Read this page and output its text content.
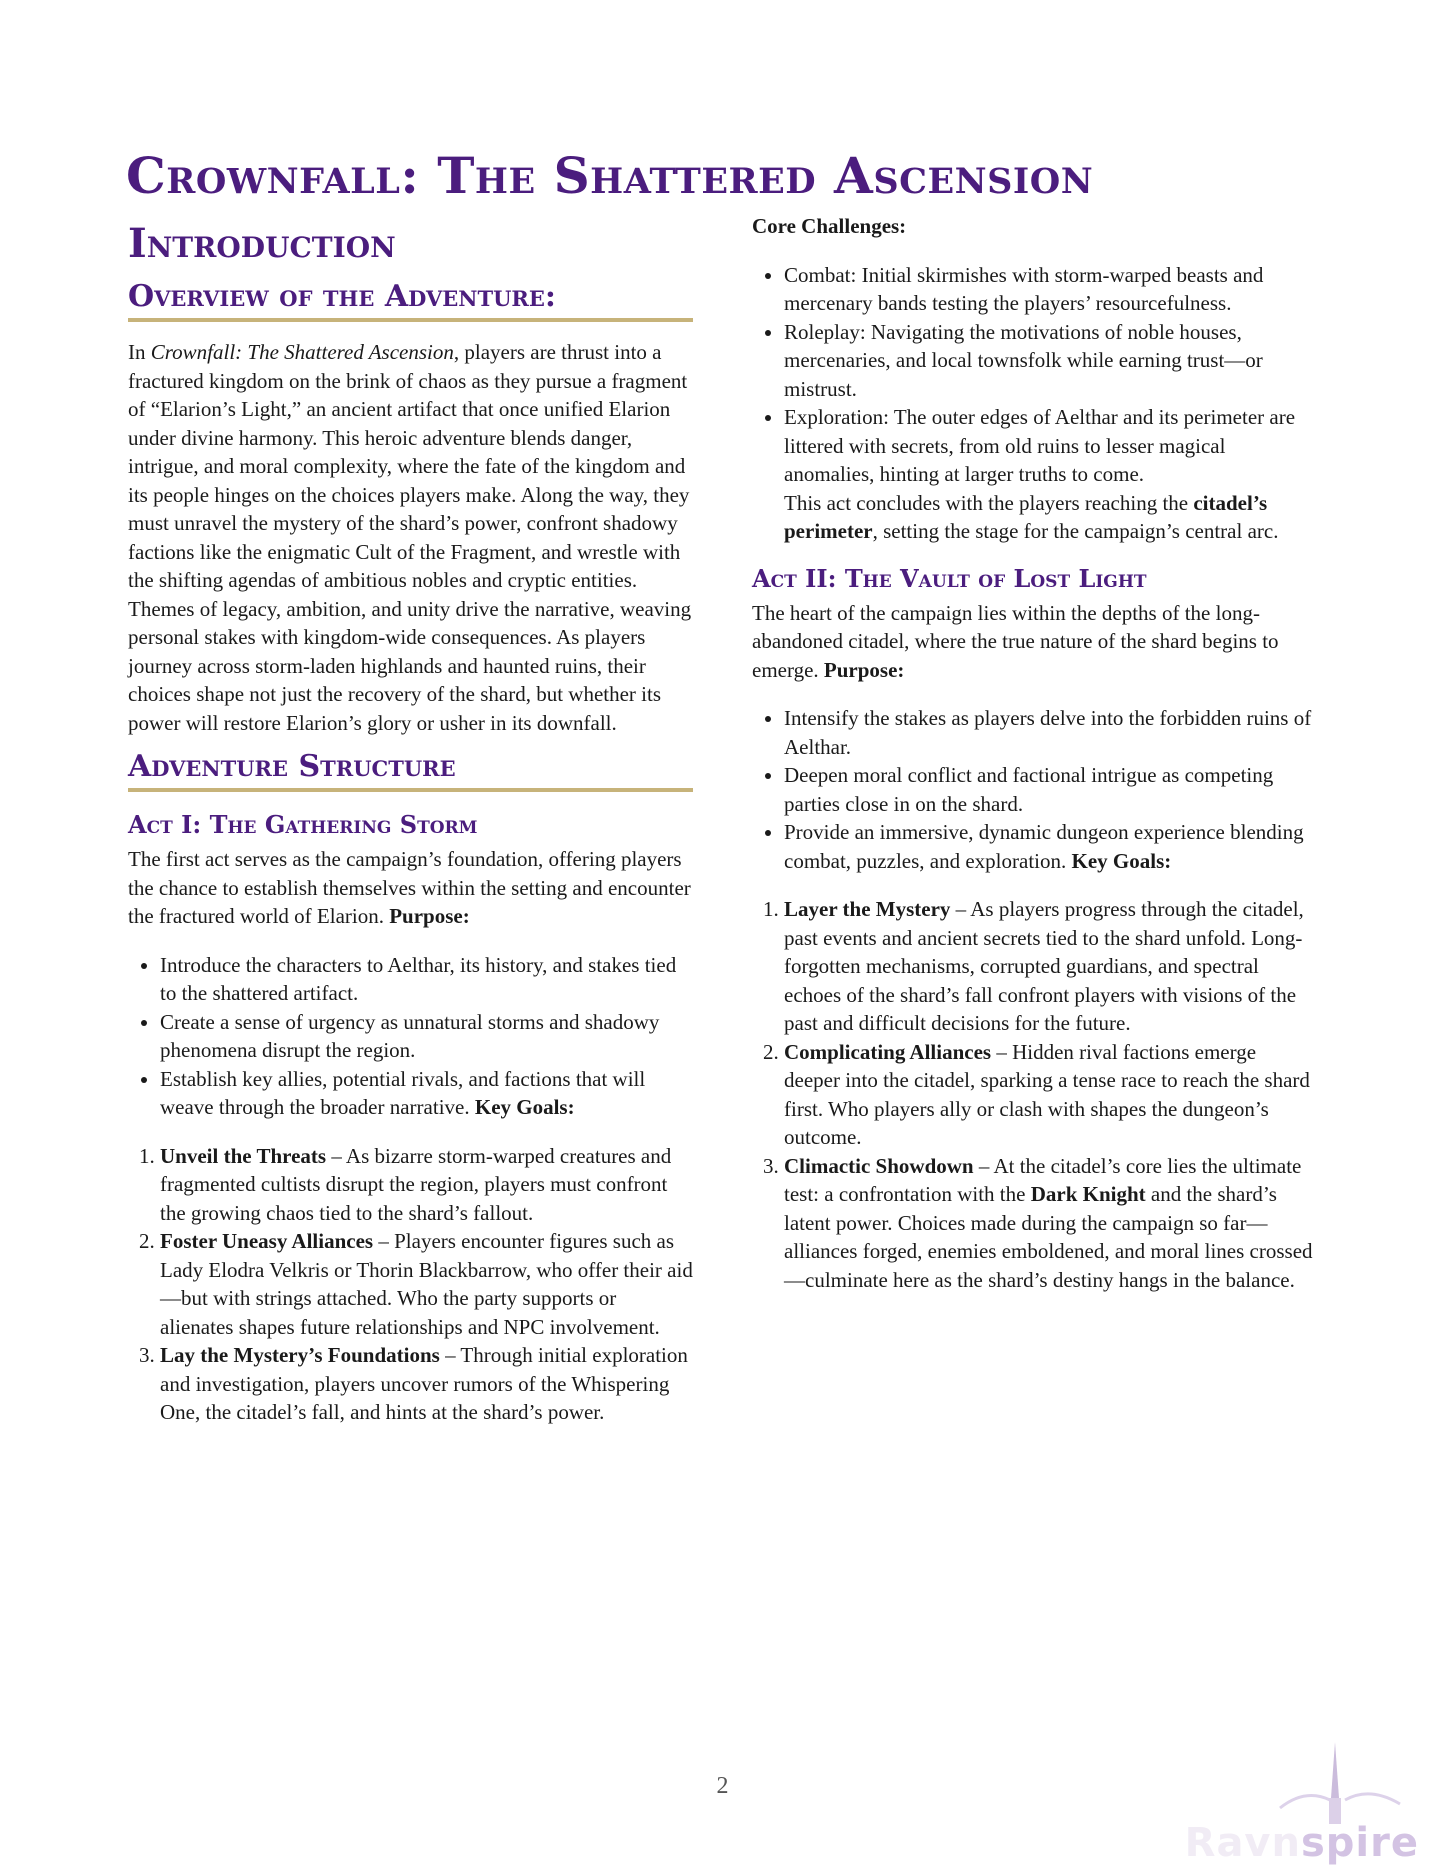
Crownfall: The Shattered Ascension
Introduction
Overview of the Adventure:

In Crownfall: The Shattered Ascension, players are thrust into a fractured kingdom on the brink of chaos as they pursue a fragment of “Elarion’s Light,” an ancient artifact that once unified Elarion under divine harmony. This heroic adventure blends danger, intrigue, and moral complexity, where the fate of the kingdom and its people hinges on the choices players make. Along the way, they must unravel the mystery of the shard’s power, confront shadowy factions like the enigmatic Cult of the Fragment, and wrestle with the shifting agendas of ambitious nobles and cryptic entities. Themes of legacy, ambition, and unity drive the narrative, weaving personal stakes with kingdom-wide consequences. As players journey across storm-laden highlands and haunted ruins, their choices shape not just the recovery of the shard, but whether its power will restore Elarion’s glory or usher in its downfall.

Adventure Structure
Act I: The Gathering Storm

The first act serves as the campaign’s foundation, offering players the chance to establish themselves within the setting and encounter the fractured world of Elarion. Purpose:

• Introduce the characters to Aelthar, its history, and stakes tied to the shattered artifact.
• Create a sense of urgency as unnatural storms and shadowy phenomena disrupt the region.
• Establish key allies, potential rivals, and factions that will weave through the broader narrative. Key Goals:
1. Unveil the Threats – As bizarre storm-warped creatures and fragmented cultists disrupt the region, players must confront the growing chaos tied to the shard’s fallout.
2. Foster Uneasy Alliances – Players encounter figures such as Lady Elodra Velkris or Thorin Blackbarrow, who offer their aid—but with strings attached. Who the party supports or alienates shapes future relationships and NPC involvement.
3. Lay the Mystery’s Foundations – Through initial exploration and investigation, players uncover rumors of the Whispering One, the citadel’s fall, and hints at the shard’s power.

Core Challenges:

• Combat: Initial skirmishes with storm-warped beasts and mercenary bands testing the players’ resourcefulness.
• Roleplay: Navigating the motivations of noble houses, mercenaries, and local townsfolk while earning trust—or mistrust.
• Exploration: The outer edges of Aelthar and its perimeter are littered with secrets, from old ruins to lesser magical anomalies, hinting at larger truths to come.
This act concludes with the players reaching the citadel’s perimeter, setting the stage for the campaign’s central arc.
Act II: The Vault of Lost Light

The heart of the campaign lies within the depths of the long-abandoned citadel, where the true nature of the shard begins to emerge. Purpose:

• Intensify the stakes as players delve into the forbidden ruins of Aelthar.
• Deepen moral conflict and factional intrigue as competing parties close in on the shard.
• Provide an immersive, dynamic dungeon experience blending combat, puzzles, and exploration. Key Goals:
1. Layer the Mystery – As players progress through the citadel, past events and ancient secrets tied to the shard unfold. Long-forgotten mechanisms, corrupted guardians, and spectral echoes of the shard’s fall confront players with visions of the past and difficult decisions for the future.
2. Complicating Alliances – Hidden rival factions emerge deeper into the citadel, sparking a tense race to reach the shard first. Who players ally or clash with shapes the dungeon’s outcome.
3. Climactic Showdown – At the citadel’s core lies the ultimate test: a confrontation with the Dark Knight and the shard’s latent power. Choices made during the campaign so far—alliances forged, enemies emboldened, and moral lines crossed—culminate here as the shard’s destiny hangs in the balance.
2
Ravnspire
